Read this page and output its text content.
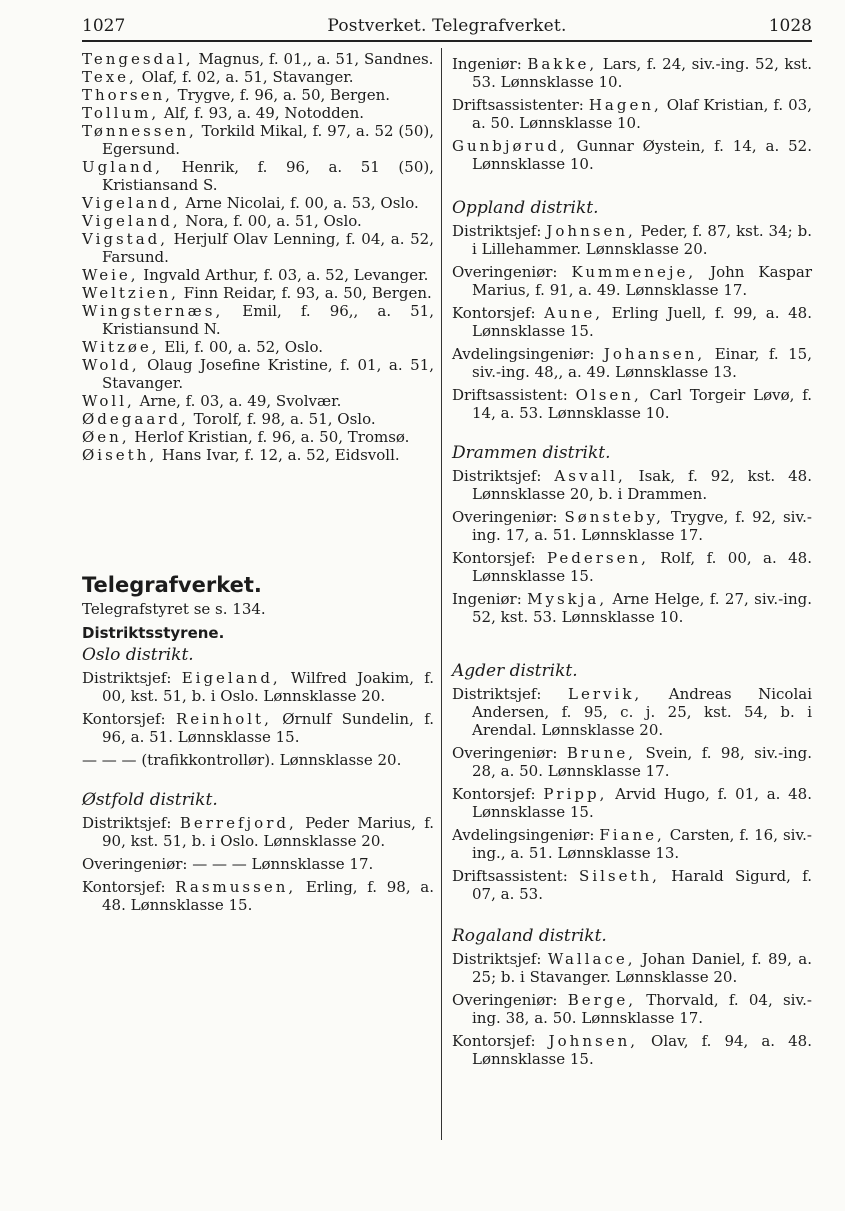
1027	Postverket. Telegrafverket.	1028

Tengesdal, Magnus, f. 01,, a. 51, Sandnes.

Texe, Olaf, f. 02, a. 51, Stavanger.

Thorsen, Trygve, f. 96, a. 50, Bergen.

Tollum, Alf, f. 93, a. 49, Notodden.

Tønnessen, Torkild Mikal, f. 97, a. 52 (50), Egersund.

Ugland, Henrik, f. 96, a. 51 (50), Kristiansand S.

Vigeland, Arne Nicolai, f. 00, a. 53, Oslo.

Vigeland, Nora, f. 00, a. 51, Oslo.

Vigstad, Herjulf Olav Lenning, f. 04, a. 52, Farsund.

Weie, Ingvald Arthur, f. 03, a. 52, Levanger.

Weltzien, Finn Reidar, f. 93, a. 50, Bergen.

Wingsternæs, Emil, f. 96,, a. 51, Kristiansund N.

Witzøe, Eli, f. 00, a. 52, Oslo.

Wold, Olaug Josefine Kristine, f. 01, a. 51, Stavanger.

Woll, Arne, f. 03, a. 49, Svolvær.

Ødegaard, Torolf, f. 98, a. 51, Oslo.

Øen, Herlof Kristian, f. 96, a. 50, Tromsø.

Øiseth, Hans Ivar, f. 12, a. 52, Eidsvoll.

Telegrafverket.

Telegrafstyret se s. 134.

Distriktsstyrene.

Oslo distrikt.

Distriktsjef: Eigeland, Wilfred Joakim, f. 00, kst. 51, b. i Oslo. Lønnsklasse 20.

Kontorsjef: Reinholt, Ørnulf Sundelin, f. 96, a. 51. Lønnsklasse 15.

— — — (trafikkontrollør). Lønnsklasse 20.

Østfold distrikt.

Distriktsjef: Berrefjord, Peder Marius, f. 90, kst. 51, b. i Oslo. Lønnsklasse 20.

Overingeniør: — — — Lønnsklasse 17.

Kontorsjef: Rasmussen, Erling, f. 98, a. 48. Lønnsklasse 15.

Ingeniør: Bakke, Lars, f. 24, siv.-ing. 52, kst. 53. Lønnsklasse 10.

Driftsassistenter: Hagen, Olaf Kristian, f. 03, a. 50. Lønnsklasse 10.

Gunbjørud, Gunnar Øystein, f. 14, a. 52. Lønnsklasse 10.

Oppland distrikt.

Distriktsjef: Johnsen, Peder, f. 87, kst. 34; b. i Lillehammer. Lønnsklasse 20.

Overingeniør: Kummeneje, John Kaspar Marius, f. 91, a. 49. Lønnsklasse 17.

Kontorsjef: Aune, Erling Juell, f. 99, a. 48. Lønnsklasse 15.

Avdelingsingeniør: Johansen, Einar, f. 15, siv.-ing. 48,, a. 49. Lønnsklasse 13.

Driftsassistent: Olsen, Carl Torgeir Løvø, f. 14, a. 53. Lønnsklasse 10.

Drammen distrikt.

Distriktsjef: Asvall, Isak, f. 92, kst. 48. Lønnsklasse 20, b. i Drammen.

Overingeniør: Sønsteby, Trygve, f. 92, siv.-ing. 17, a. 51. Lønnsklasse 17.

Kontorsjef: Pedersen, Rolf, f. 00, a. 48. Lønnsklasse 15.

Ingeniør: Myskja, Arne Helge, f. 27, siv.-ing. 52, kst. 53. Lønnsklasse 10.

Agder distrikt.

Distriktsjef: Lervik, Andreas Nicolai Andersen, f. 95, c. j. 25, kst. 54, b. i Arendal. Lønnsklasse 20.

Overingeniør: Brune, Svein, f. 98, siv.-ing. 28, a. 50. Lønnsklasse 17.

Kontorsjef: Pripp, Arvid Hugo, f. 01, a. 48. Lønnsklasse 15.

Avdelingsingeniør: Fiane, Carsten, f. 16, siv.-ing., a. 51. Lønnsklasse 13.

Driftsassistent: Silseth, Harald Sigurd, f. 07, a. 53.

Rogaland distrikt.

Distriktsjef: Wallace, Johan Daniel, f. 89, a. 25; b. i Stavanger. Lønnsklasse 20.

Overingeniør: Berge, Thorvald, f. 04, siv.-ing. 38, a. 50. Lønnsklasse 17.

Kontorsjef: Johnsen, Olav, f. 94, a. 48. Lønnsklasse 15.
